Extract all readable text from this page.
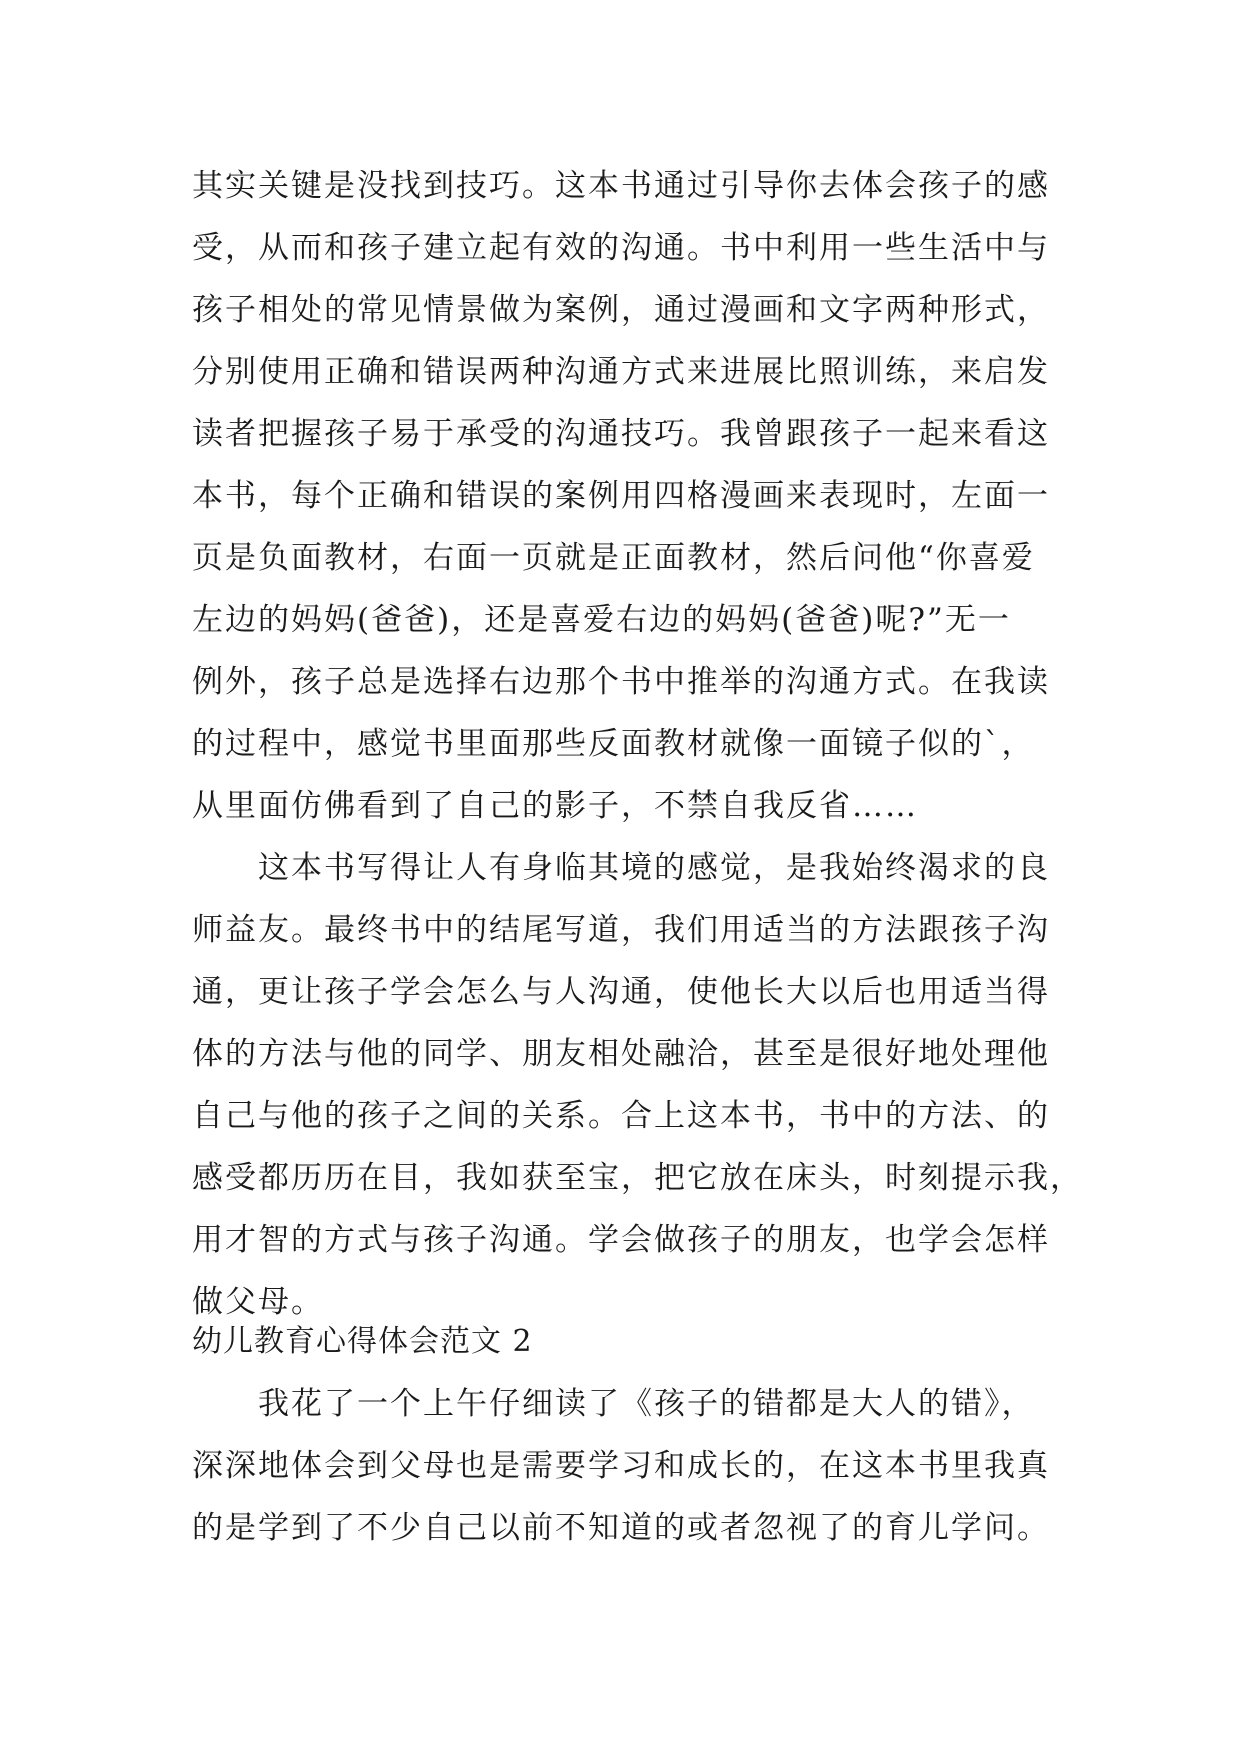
其实关键是没找到技巧。这本书通过引导你去体会孩子的感
受，从而和孩子建立起有效的沟通。书中利用一些生活中与
孩子相处的常见情景做为案例，通过漫画和文字两种形式，
分别使用正确和错误两种沟通方式来进展比照训练，来启发
读者把握孩子易于承受的沟通技巧。我曾跟孩子一起来看这
本书，每个正确和错误的案例用四格漫画来表现时，左面一
页是负面教材，右面一页就是正面教材，然后问他“你喜爱
左边的妈妈(爸爸)，还是喜爱右边的妈妈(爸爸)呢?”无一
例外，孩子总是选择右边那个书中推举的沟通方式。在我读
的过程中，感觉书里面那些反面教材就像一面镜子似的`，
从里面仿佛看到了自己的影子，不禁自我反省……
　　这本书写得让人有身临其境的感觉，是我始终渴求的良
师益友。最终书中的结尾写道，我们用适当的方法跟孩子沟
通，更让孩子学会怎么与人沟通，使他长大以后也用适当得
体的方法与他的同学、朋友相处融洽，甚至是很好地处理他
自己与他的孩子之间的关系。合上这本书，书中的方法、的
感受都历历在目，我如获至宝，把它放在床头，时刻提示我，
用才智的方式与孩子沟通。学会做孩子的朋友，也学会怎样
做父母。
幼儿教育心得体会范文 2
　　我花了一个上午仔细读了《孩子的错都是大人的错》，
深深地体会到父母也是需要学习和成长的，在这本书里我真
的是学到了不少自己以前不知道的或者忽视了的育儿学问。
